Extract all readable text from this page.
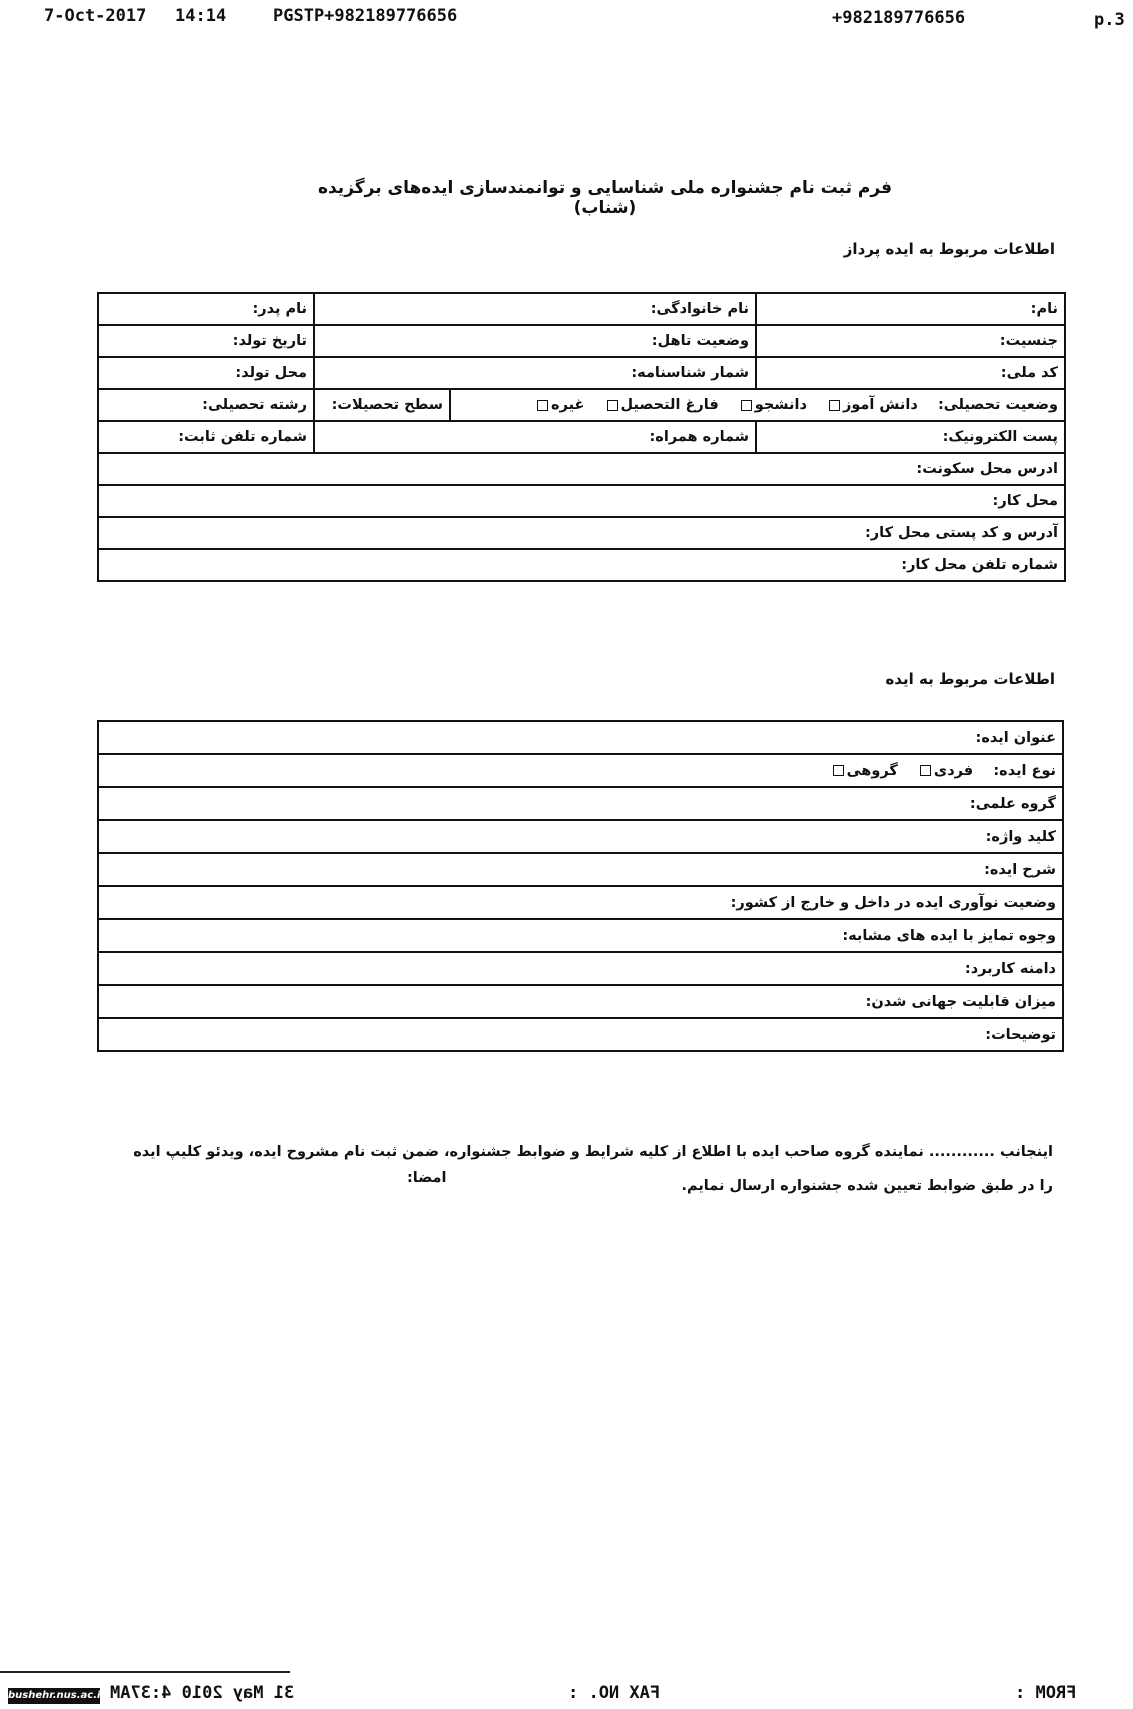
7-Oct-2017 14:14	PGSTP+982189776656	+982189776656	p.3
فرم ثبت نام جشنواره ملی شناسایی و توانمندسازی ایده‌های برگزیده (شناب)
اطلاعات مربوط به ایده پرداز
نام:	نام خانوادگی:		نام پدر:
جنسیت:	وضعیت تاهل:		تاریخ تولد:
کد ملی:	شمار شناسنامه:		محل تولد:
وضعیت تحصیلی:    دانش آموز دانشجو فارغ التحصیل غیره		سطح تحصیلات:	رشته تحصیلی:
پست الکترونیک:	شماره همراه:		شماره تلفن ثابت:
ادرس محل سکونت:			
محل کار:			
آدرس و کد پستی محل کار:			
شماره تلفن محل کار:			
اطلاعات مربوط به ایده
عنوان ایده:
نوع ایده:    فردی گروهی
گروه علمی:
کلید واژه:
شرح ایده:
وضعیت نوآوری ایده در داخل و خارج از کشور:
وجوه تمایز با ایده های مشابه:
دامنه کاربرد:
میزان قابلیت جهانی شدن:
توضیحات:
اینجانب ............ نماینده گروه صاحب ایده با اطلاع از کلیه شرایط و ضوابط جشنواره، ضمن ثبت نام مشروح ایده، ویدئو کلیپ ایده
را در طبق ضوابط تعیین شده جشنواره ارسال نمایم.
امضا:
bushehr.nus.ac.ir 31 May 2010 4:37AM	FAX NO. :	FROM :
